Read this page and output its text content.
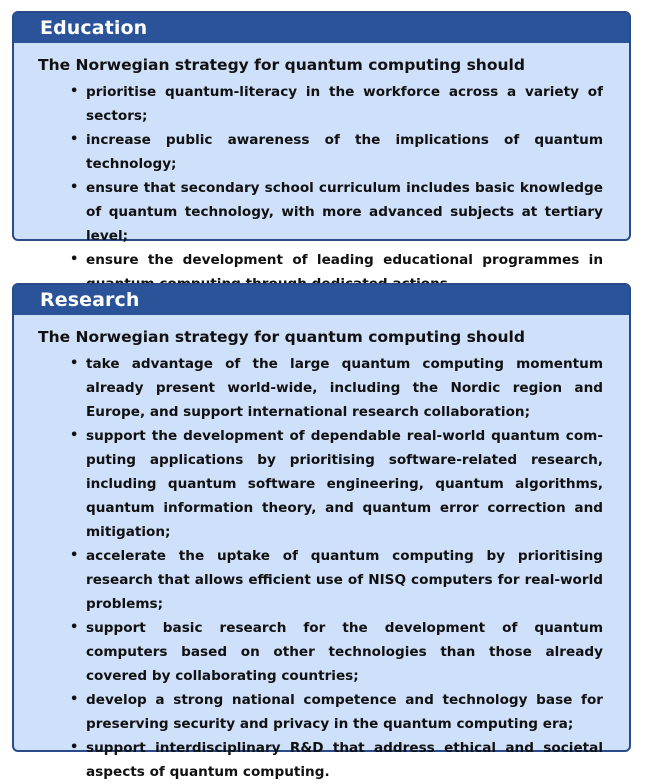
Education

The Norwegian strategy for quantum computing should

• prioritise quantum-literacy in the workforce across a variety of sectors;
• increase public awareness of the implications of quantum technology;
• ensure that secondary school curriculum includes basic knowledge of quantum technology, with more advanced subjects at tertiary level;
• ensure the development of leading educational programmes in
Research

The Norwegian strategy for quantum computing should

• take advantage of the large quantum computing momentum already present world-wide, including the Nordic region and Europe, and support international research collaboration;
• support the development of dependable real-world quantum computing applications by prioritising software-related research, including quantum software engineering, quantum algorithms, quantum information theory, and quantum error correction and mitigation;
• accelerate the uptake of quantum computing by prioritising research that allows efficient use of NISQ computers for real-world problems;
• support basic research for the development of quantum computers based on other technologies than those already covered by collaborating countries;
• develop a strong national competence and technology base for preserving security and privacy in the quantum computing era;
• support interdisciplinary R&D that address ethical and societal aspects of quantum computing.
